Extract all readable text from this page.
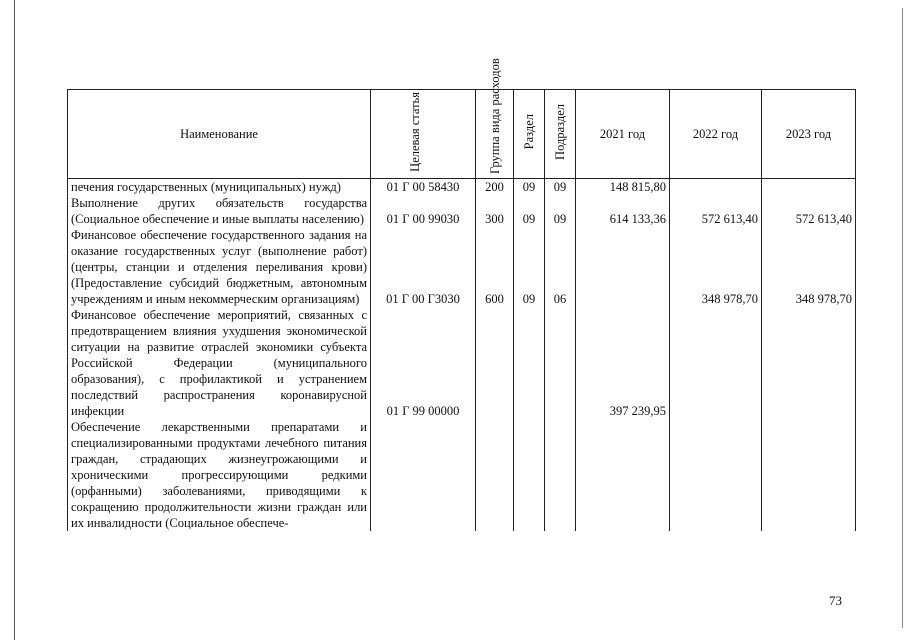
Наименование	Целевая статья	Группа вида расходов	Раздел	Подраздел	2021 год	2022 год	2023 год
печения государственных (муниципальных) нужд)	01 Г 00 58430	200	09	09	148 815,80		
Выполнение других обязательств государства (Социальное обеспечение и иные выплаты населению)	01 Г 00 99030	300	09	09	614 133,36	572 613,40	572 613,40
Финансовое обеспечение государственного задания на оказание государственных услуг (выполнение работ) (центры, станции и отделения переливания крови) (Предоставление субсидий бюджетным, автономным учреждениям и иным некоммерческим организациям)	01 Г 00 Г3030	600	09	06		348 978,70	348 978,70
Финансовое обеспечение мероприятий, связанных с предотвращением влияния ухудшения экономической ситуации на развитие отраслей экономики субъекта Российской Федерации (муниципального образования), с профилактикой и устранением последствий распространения коронавирусной инфекции	01 Г 99 00000				397 239,95		
Обеспечение лекарственными препаратами и специализированными продуктами лечебного питания граждан, страдающих жизнеугрожающими и хроническими прогрессирующими редкими (орфанными) заболеваниями, приводящими к сокращению продолжительности жизни граждан или их инвалидности (Социальное обеспече-							
73
